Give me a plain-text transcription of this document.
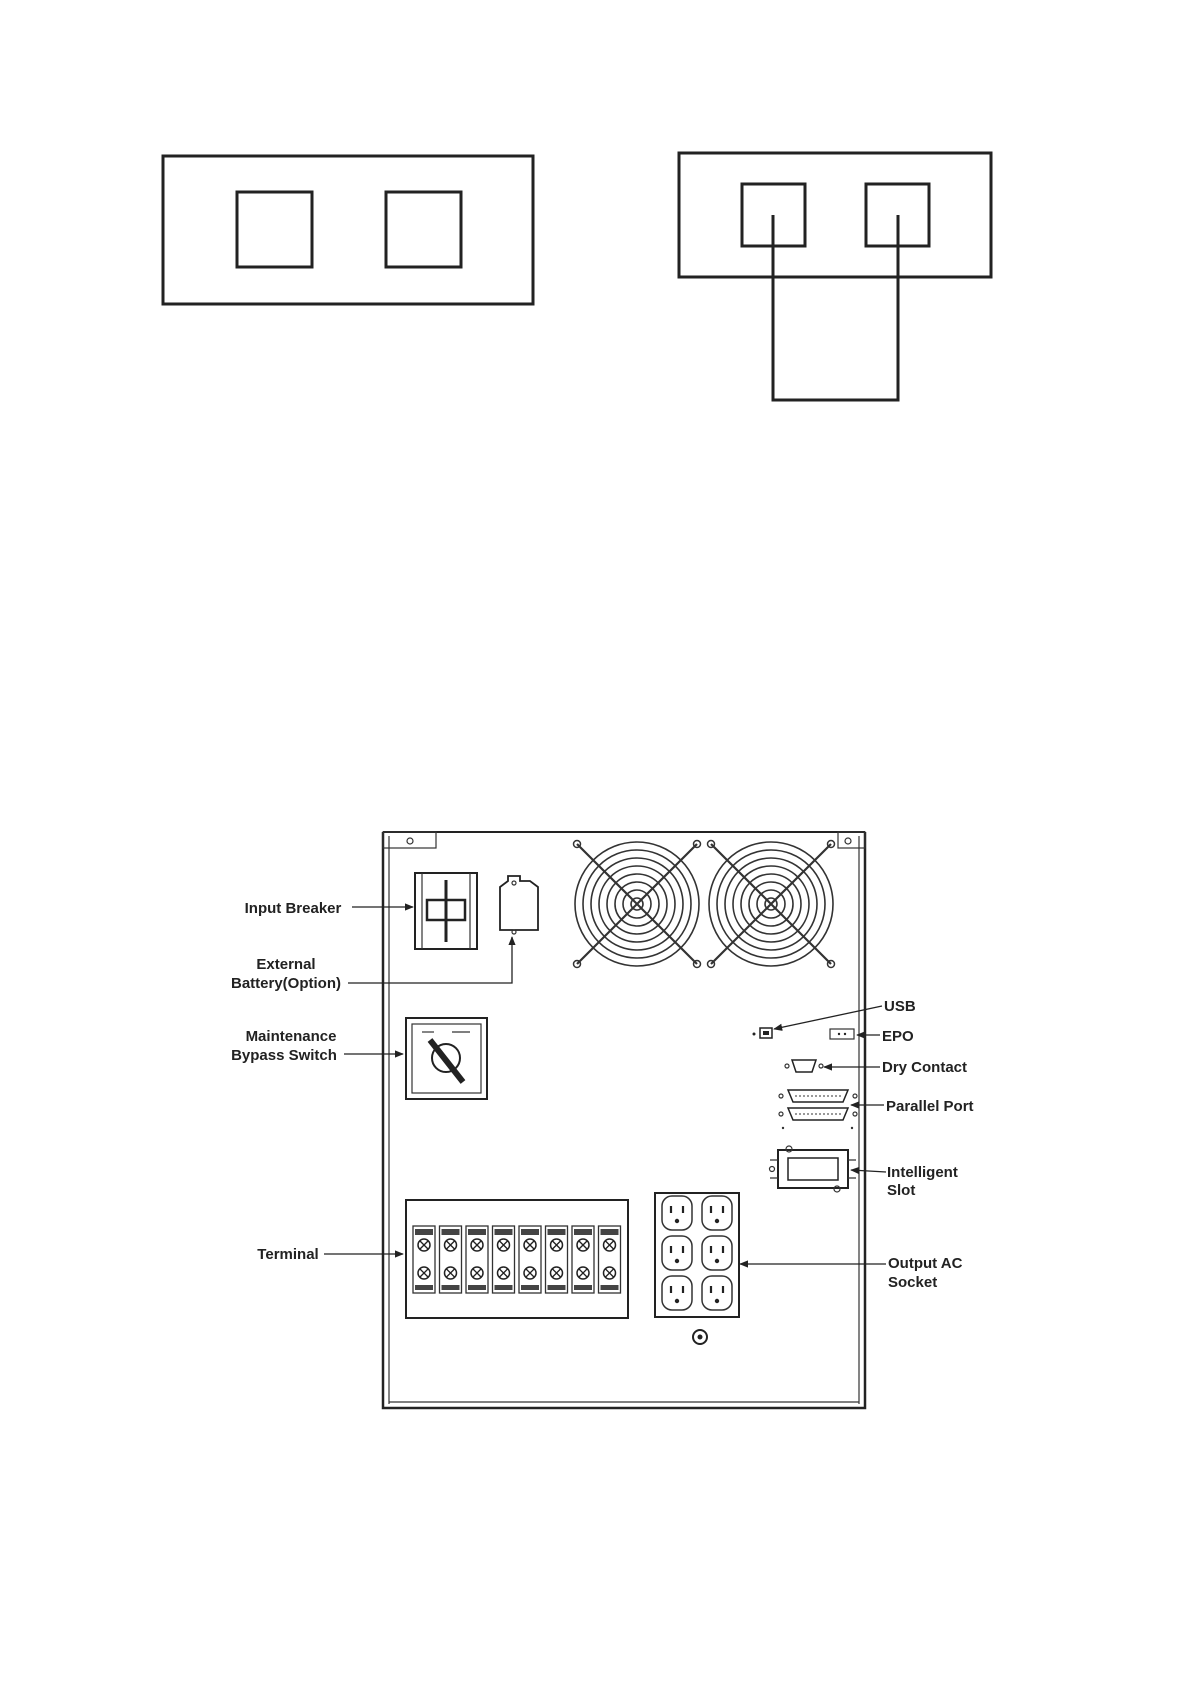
Input Breaker
External
Battery(Option)
Maintenance
Bypass Switch
Terminal
USB
EPO
Dry Contact
Parallel Port
Intelligent
Slot
Output AC
Socket
